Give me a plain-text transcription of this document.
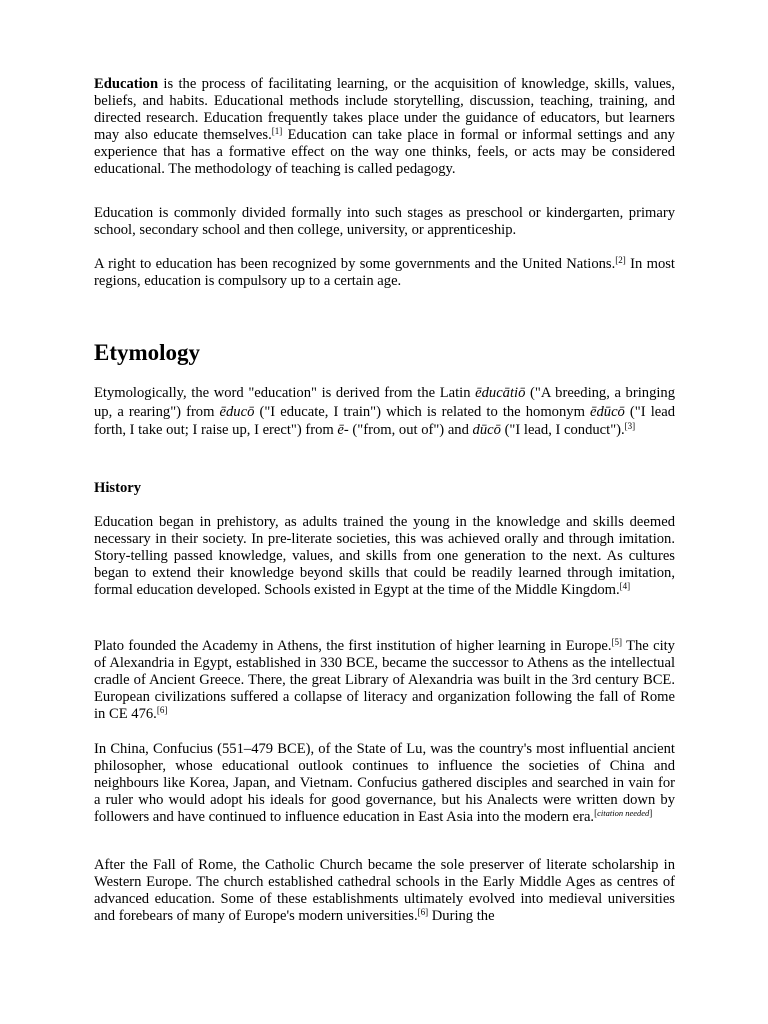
Education is the process of facilitating learning, or the acquisition of knowledge, skills, values, beliefs, and habits. Educational methods include storytelling, discussion, teaching, training, and directed research. Education frequently takes place under the guidance of educators, but learners may also educate themselves.[1] Education can take place in formal or informal settings and any experience that has a formative effect on the way one thinks, feels, or acts may be considered educational. The methodology of teaching is called pedagogy.

Education is commonly divided formally into such stages as preschool or kindergarten, primary school, secondary school and then college, university, or apprenticeship.

A right to education has been recognized by some governments and the United Nations.[2] In most regions, education is compulsory up to a certain age.

Etymology

Etymologically, the word "education" is derived from the Latin ēducātiō ("A breeding, a bringing up, a rearing") from ēducō ("I educate, I train") which is related to the homonym ēdūcō ("I lead forth, I take out; I raise up, I erect") from ē- ("from, out of") and dūcō ("I lead, I conduct").[3]

History

Education began in prehistory, as adults trained the young in the knowledge and skills deemed necessary in their society. In pre-literate societies, this was achieved orally and through imitation. Story-telling passed knowledge, values, and skills from one generation to the next. As cultures began to extend their knowledge beyond skills that could be readily learned through imitation, formal education developed. Schools existed in Egypt at the time of the Middle Kingdom.[4]

Plato founded the Academy in Athens, the first institution of higher learning in Europe.[5] The city of Alexandria in Egypt, established in 330 BCE, became the successor to Athens as the intellectual cradle of Ancient Greece. There, the great Library of Alexandria was built in the 3rd century BCE. European civilizations suffered a collapse of literacy and organization following the fall of Rome in CE 476.[6]

In China, Confucius (551–479 BCE), of the State of Lu, was the country's most influential ancient philosopher, whose educational outlook continues to influence the societies of China and neighbours like Korea, Japan, and Vietnam. Confucius gathered disciples and searched in vain for a ruler who would adopt his ideals for good governance, but his Analects were written down by followers and have continued to influence education in East Asia into the modern era.[citation needed]

After the Fall of Rome, the Catholic Church became the sole preserver of literate scholarship in Western Europe. The church established cathedral schools in the Early Middle Ages as centres of advanced education. Some of these establishments ultimately evolved into medieval universities and forebears of many of Europe's modern universities.[6] During the
